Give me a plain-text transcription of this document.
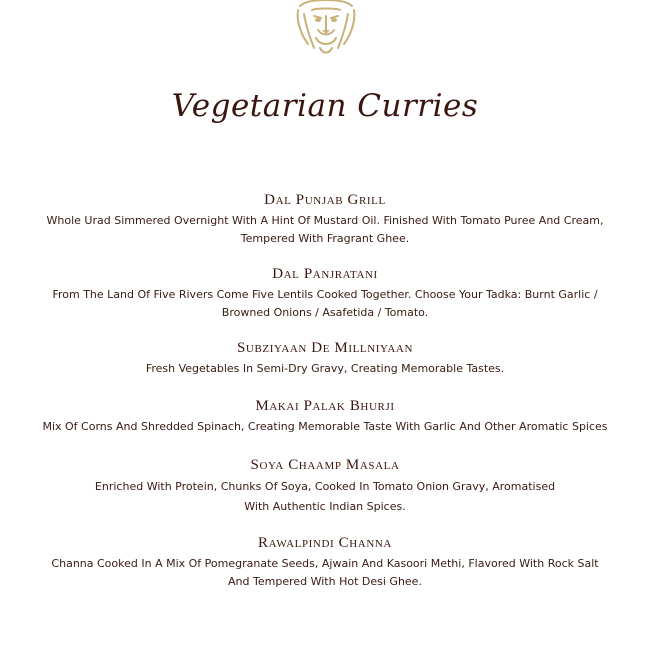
Vegetarian Curries
Dal Punjab Grill
Whole Urad Simmered Overnight With A Hint Of Mustard Oil. Finished With Tomato Puree And Cream,
Tempered With Fragrant Ghee.
Dal Panjratani
From The Land Of Five Rivers Come Five Lentils Cooked Together. Choose Your Tadka: Burnt Garlic /
Browned Onions / Asafetida / Tomato.
Subziyaan De Millniyaan
Fresh Vegetables In Semi-Dry Gravy, Creating Memorable Tastes.
Makai Palak Bhurji
Mix Of Corns And Shredded Spinach, Creating Memorable Taste With Garlic And Other Aromatic Spices
Soya Chaamp Masala
Enriched With Protein, Chunks Of Soya, Cooked In Tomato Onion Gravy, Aromatised
With Authentic Indian Spices.
Rawalpindi Channa
Channa Cooked In A Mix Of Pomegranate Seeds, Ajwain And Kasoori Methi, Flavored With Rock Salt
And Tempered With Hot Desi Ghee.
